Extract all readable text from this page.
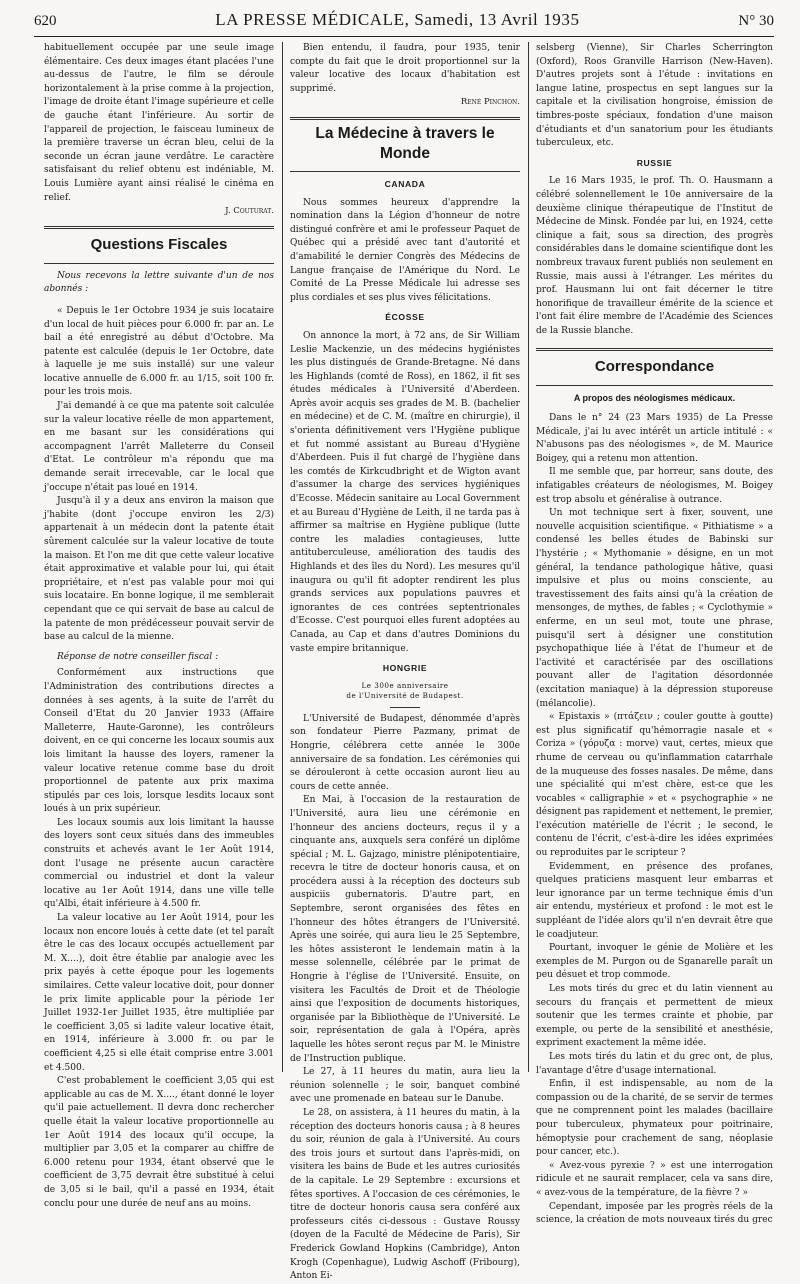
620	LA PRESSE MÉDICALE, Samedi, 13 Avril 1935	N° 30

habituellement occupée par une seule image élémentaire. Ces deux images étant placées l'une au-dessus de l'autre, le film se déroule horizontalement à la prise comme à la projection, l'image de droite étant l'image supérieure et celle de gauche étant l'inférieure. Au sortir de l'appareil de projection, le faisceau lumineux de la première traverse un écran bleu, celui de la seconde un écran jaune verdâtre. Le caractère satisfaisant du relief obtenu est indéniable, M. Louis Lumière ayant ainsi réalisé le cinéma en relief.

J. Couturat.

Questions Fiscales

Nous recevons la lettre suivante d'un de nos abonnés :

« Depuis le 1er Octobre 1934 je suis locataire d'un local de huit pièces pour 6.000 fr. par an. Le bail a été enregistré au début d'Octobre. Ma patente est calculée (depuis le 1er Octobre, date à laquelle je me suis installé) sur une valeur locative annuelle de 6.000 fr. au 1/15, soit 100 fr. pour les trois mois.

J'ai demandé à ce que ma patente soit calculée sur la valeur locative réelle de mon appartement, en me basant sur les considérations qui accompagnent l'arrêt Malleterre du Conseil d'Etat. Le contrôleur m'a répondu que ma demande serait irrecevable, car le local que j'occupe n'était pas loué en 1914.

Jusqu'à il y a deux ans environ la maison que j'habite (dont j'occupe environ les 2/3) appartenait à un médecin dont la patente était sûrement calculée sur la valeur locative de toute la maison. Et l'on me dit que cette valeur locative était approximative et valable pour lui, qui était propriétaire, et n'est pas valable pour moi qui suis locataire. En bonne logique, il me semblerait cependant que ce qui servait de base au calcul de la patente de mon prédécesseur pouvait servir de base au calcul de la mienne.

Réponse de notre conseiller fiscal :

Conformément aux instructions que l'Administration des contributions directes a données à ses agents, à la suite de l'arrêt du Conseil d'Etat du 20 Janvier 1933 (Affaire Malleterre, Haute-Garonne), les contrôleurs doivent, en ce qui concerne les locaux soumis aux lois limitant la hausse des loyers, ramener la valeur locative retenue comme base du droit proportionnel de patente aux prix maxima stipulés par ces lois, lorsque lesdits locaux sont loués à un prix supérieur.

Les locaux soumis aux lois limitant la hausse des loyers sont ceux situés dans des immeubles construits et achevés avant le 1er Août 1914, dont l'usage ne présente aucun caractère commercial ou industriel et dont la valeur locative au 1er Août 1914, dans une ville telle qu'Albi, était inférieure à 4.500 fr.

La valeur locative au 1er Août 1914, pour les locaux non encore loués à cette date (et tel paraît être le cas des locaux occupés actuellement par M. X....), doit être établie par analogie avec les prix payés à cette époque pour les logements similaires. Cette valeur locative doit, pour donner le prix limite applicable pour la période 1er Juillet 1932-1er Juillet 1935, être multipliée par le coefficient 3,05 si ladite valeur locative était, en 1914, inférieure à 3.000 fr. ou par le coefficient 4,25 si elle était comprise entre 3.001 et 4.500.

C'est probablement le coefficient 3,05 qui est applicable au cas de M. X...., étant donné le loyer qu'il paie actuellement. Il devra donc rechercher quelle était la valeur locative proportionnelle au 1er Août 1914 des locaux qu'il occupe, la multiplier par 3,05 et la comparer au chiffre de 6.000 retenu pour 1934, étant observé que le coefficient de 3,75 devrait être substitué à celui de 3,05 si le bail, qu'il a passé en 1934, était conclu pour une durée de neuf ans au moins.

Bien entendu, il faudra, pour 1935, tenir compte du fait que le droit proportionnel sur la valeur locative des locaux d'habitation est supprimé.

René Pinchon.

La Médecine à travers le Monde
CANADA

Nous sommes heureux d'apprendre la nomination dans la Légion d'honneur de notre distingué confrère et ami le professeur Paquet de Québec qui a présidé avec tant d'autorité et d'amabilité le dernier Congrès des Médecins de Langue française de l'Amérique du Nord. Le Comité de La Presse Médicale lui adresse ses plus cordiales et ses plus vives félicitations.

ÉCOSSE

On annonce la mort, à 72 ans, de Sir William Leslie Mackenzie, un des médecins hygiénistes les plus distingués de Grande-Bretagne. Né dans les Highlands (comté de Ross), en 1862, il fit ses études médicales à l'Université d'Aberdeen. Après avoir acquis ses grades de M. B. (bachelier en médecine) et de C. M. (maître en chirurgie), il s'orienta définitivement vers l'Hygiène publique et fut nommé assistant au Bureau d'Hygiène d'Aberdeen. Puis il fut chargé de l'hygiène dans les comtés de Kirkcudbright et de Wigton avant d'assumer la charge des services hygiéniques d'Ecosse. Médecin sanitaire au Local Government et au Bureau d'Hygiène de Leith, il ne tarda pas à affirmer sa maîtrise en Hygiène publique (lutte contre les maladies contagieuses, lutte antituberculeuse, amélioration des taudis des Highlands et des îles du Nord). Les mesures qu'il inaugura ou qu'il fit adopter rendirent les plus grands services aux populations pauvres et ignorantes de ces contrées septentrionales d'Ecosse. C'est pourquoi elles furent adoptées au Canada, au Cap et dans d'autres Dominions du vaste empire britannique.

HONGRIE
Le 300e anniversaire
de l'Université de Budapest.

L'Université de Budapest, dénommée d'après son fondateur Pierre Pazmany, primat de Hongrie, célébrera cette année le 300e anniversaire de sa fondation. Les cérémonies qui se dérouleront à cette occasion auront lieu au cours de cette année.

En Mai, à l'occasion de la restauration de l'Université, aura lieu une cérémonie en l'honneur des anciens docteurs, reçus il y a cinquante ans, auxquels sera conféré un diplôme spécial ; M. L. Gajzago, ministre plénipotentiaire, recevra le titre de docteur honoris causa, et on procédera aussi à la réception des docteurs sub auspiciis gubernatoris. D'autre part, en Septembre, seront organisées des fêtes en l'honneur des hôtes étrangers de l'Université. Après une soirée, qui aura lieu le 25 Septembre, les hôtes assisteront le lendemain matin à la messe solennelle, célébrée par le primat de Hongrie à l'église de l'Université. Ensuite, on visitera les Facultés de Droit et de Théologie ainsi que l'exposition de documents historiques, organisée par la Bibliothèque de l'Université. Le soir, représentation de gala à l'Opéra, après laquelle les hôtes seront reçus par M. le Ministre de l'Instruction publique.

Le 27, à 11 heures du matin, aura lieu la réunion solennelle ; le soir, banquet combiné avec une promenade en bateau sur le Danube.

Le 28, on assistera, à 11 heures du matin, à la réception des docteurs honoris causa ; à 8 heures du soir, réunion de gala à l'Université. Au cours des trois jours et surtout dans l'après-midi, on visitera les bains de Bude et les autres curiosités de la capitale. Le 29 Septembre : excursions et fêtes sportives. A l'occasion de ces cérémonies, le titre de docteur honoris causa sera conféré aux professeurs cités ci-dessous : Gustave Roussy (doyen de la Faculté de Médecine de Paris), Sir Frederick Gowland Hopkins (Cambridge), Anton Krogh (Copenhague), Ludwig Aschoff (Fribourg), Anton Ei-

selsberg (Vienne), Sir Charles Scherrington (Oxford), Roos Granville Harrison (New-Haven). D'autres projets sont à l'étude : invitations en langue latine, prospectus en sept langues sur la capitale et la civilisation hongroise, émission de timbres-poste spéciaux, fondation d'une maison d'étudiants et d'un sanatorium pour les étudiants tuberculeux, etc.

RUSSIE

Le 16 Mars 1935, le prof. Th. O. Hausmann a célébré solennellement le 10e anniversaire de la deuxième clinique thérapeutique de l'Institut de Médecine de Minsk. Fondée par lui, en 1924, cette clinique a fait, sous sa direction, des progrès considérables dans le domaine scientifique dont les nombreux travaux furent publiés non seulement en Russie, mais aussi à l'étranger. Les mérites du prof. Hausmann lui ont fait décerner le titre honorifique de travailleur émérite de la science et l'ont fait élire membre de l'Académie des Sciences de la Russie blanche.

Correspondance
A propos des néologismes médicaux.

Dans le n° 24 (23 Mars 1935) de La Presse Médicale, j'ai lu avec intérêt un article intitulé : « N'abusons pas des néologismes », de M. Maurice Boigey, qui a retenu mon attention.

Il me semble que, par horreur, sans doute, des infatigables créateurs de néologismes, M. Boigey est trop absolu et généralise à outrance.

Un mot technique sert à fixer, souvent, une nouvelle acquisition scientifique. « Pithiatisme » a condensé les belles études de Babinski sur l'hystérie ; « Mythomanie » désigne, en un mot général, la tendance pathologique hâtive, quasi impulsive et plus ou moins consciente, au travestissement des faits ainsi qu'à la création de mensonges, de mythes, de fables ; « Cyclothymie » enferme, en un seul mot, toute une phrase, puisqu'il sert à désigner une constitution psychopathique liée à l'état de l'humeur et de l'activité et caractérisée par des oscillations pouvant aller de l'agitation désordonnée (excitation maniaque) à la dépression stuporeuse (mélancolie).

« Epistaxis » (πτάζειν ; couler goutte à goutte) est plus significatif qu'hémorragie nasale et « Coriza » (γόρυζα : morve) vaut, certes, mieux que rhume de cerveau ou qu'inflammation catarrhale de la muqueuse des fosses nasales. De même, dans une spécialité qui m'est chère, est-ce que les vocables « calligraphie » et « psychographie » ne désignent pas rapidement et nettement, le premier, l'exécution matérielle de l'écrit ; le second, le contenu de l'écrit, c'est-à-dire les idées exprimées ou reproduites par le scripteur ?

Evidemment, en présence des profanes, quelques praticiens masquent leur embarras et leur ignorance par un terme technique émis d'un air entendu, mystérieux et profond : le mot est le suppléant de l'idée alors qu'il n'en devrait être que le coadjuteur.

Pourtant, invoquer le génie de Molière et les exemples de M. Purgon ou de Sganarelle paraît un peu désuet et trop commode.

Les mots tirés du grec et du latin viennent au secours du français et permettent de mieux soutenir que les termes crainte et phobie, par exemple, ou perte de la sensibilité et anesthésie, expriment exactement la même idée.

Les mots tirés du latin et du grec ont, de plus, l'avantage d'être d'usage international.

Enfin, il est indispensable, au nom de la compassion ou de la charité, de se servir de termes que ne comprennent point les malades (bacillaire pour tuberculeux, phymateux pour poitrinaire, hémoptysie pour crachement de sang, néoplasie pour cancer, etc.).

« Avez-vous pyrexie ? » est une interrogation ridicule et ne saurait remplacer, cela va sans dire, « avez-vous de la température, de la fièvre ? »

Cependant, imposée par les progrès réels de la science, la création de mots nouveaux tirés du grec
